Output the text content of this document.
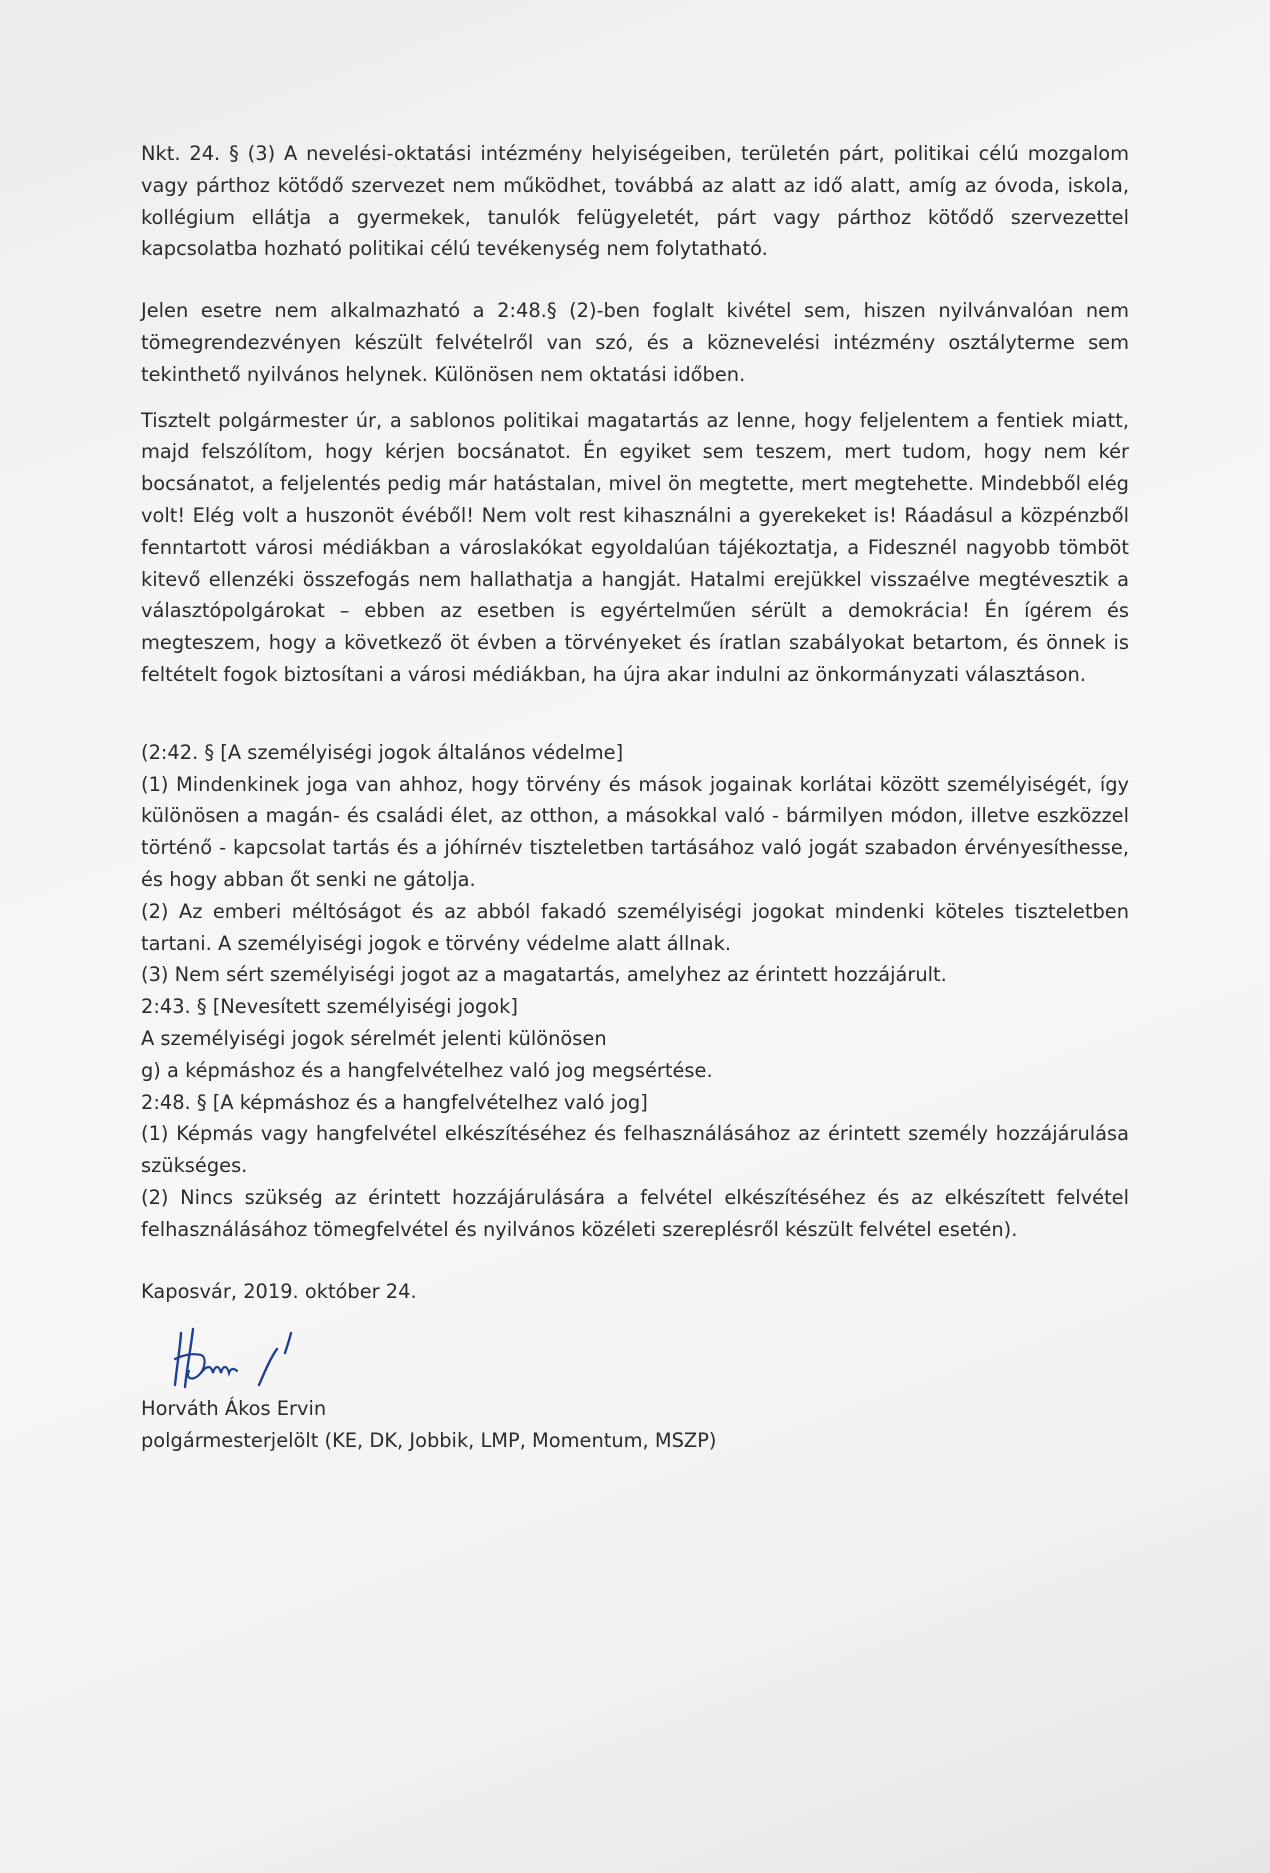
Nkt. 24. § (3) A nevelési-oktatási intézmény helyiségeiben, területén párt, politikai célú mozgalom vagy párthoz kötődő szervezet nem működhet, továbbá az alatt az idő alatt, amíg az óvoda, iskola, kollégium ellátja a gyermekek, tanulók felügyeletét, párt vagy párthoz kötődő szervezettel kapcsolatba hozható politikai célú tevékenység nem folytatható.

Jelen esetre nem alkalmazható a 2:48.§ (2)-ben foglalt kivétel sem, hiszen nyilvánvalóan nem tömegrendezvényen készült felvételről van szó, és a köznevelési intézmény osztályterme sem tekinthető nyilvános helynek. Különösen nem oktatási időben.

Tisztelt polgármester úr, a sablonos politikai magatartás az lenne, hogy feljelentem a fentiek miatt, majd felszólítom, hogy kérjen bocsánatot. Én egyiket sem teszem, mert tudom, hogy nem kér bocsánatot, a feljelentés pedig már hatástalan, mivel ön megtette, mert megtehette. Mindebből elég volt! Elég volt a huszonöt évéből! Nem volt rest kihasználni a gyerekeket is! Ráadásul a közpénzből fenntartott városi médiákban a városlakókat egyoldalúan tájékoztatja, a Fidesznél nagyobb tömböt kitevő ellenzéki összefogás nem hallathatja a hangját. Hatalmi erejükkel visszaélve megtévesztik a választópolgárokat – ebben az esetben is egyértelműen sérült a demokrácia! Én ígérem és megteszem, hogy a következő öt évben a törvényeket és íratlan szabályokat betartom, és önnek is feltételt fogok biztosítani a városi médiákban, ha újra akar indulni az önkormányzati választáson.

(2:42. § [A személyiségi jogok általános védelme]

(1) Mindenkinek joga van ahhoz, hogy törvény és mások jogainak korlátai között személyiségét, így különösen a magán- és családi élet, az otthon, a másokkal való - bármilyen módon, illetve eszközzel történő - kapcsolat tartás és a jóhírnév tiszteletben tartásához való jogát szabadon érvényesíthesse, és hogy abban őt senki ne gátolja.

(2) Az emberi méltóságot és az abból fakadó személyiségi jogokat mindenki köteles tiszteletben tartani. A személyiségi jogok e törvény védelme alatt állnak.

(3) Nem sért személyiségi jogot az a magatartás, amelyhez az érintett hozzájárult.

2:43. § [Nevesített személyiségi jogok]

A személyiségi jogok sérelmét jelenti különösen

g) a képmáshoz és a hangfelvételhez való jog megsértése.

2:48. § [A képmáshoz és a hangfelvételhez való jog]

(1) Képmás vagy hangfelvétel elkészítéséhez és felhasználásához az érintett személy hozzájárulása szükséges.

(2) Nincs szükség az érintett hozzájárulására a felvétel elkészítéséhez és az elkészített felvétel felhasználásához tömegfelvétel és nyilvános közéleti szereplésről készült felvétel esetén).

Kaposvár, 2019. október 24.

Horváth Ákos Ervin

polgármesterjelölt (KE, DK, Jobbik, LMP, Momentum, MSZP)
